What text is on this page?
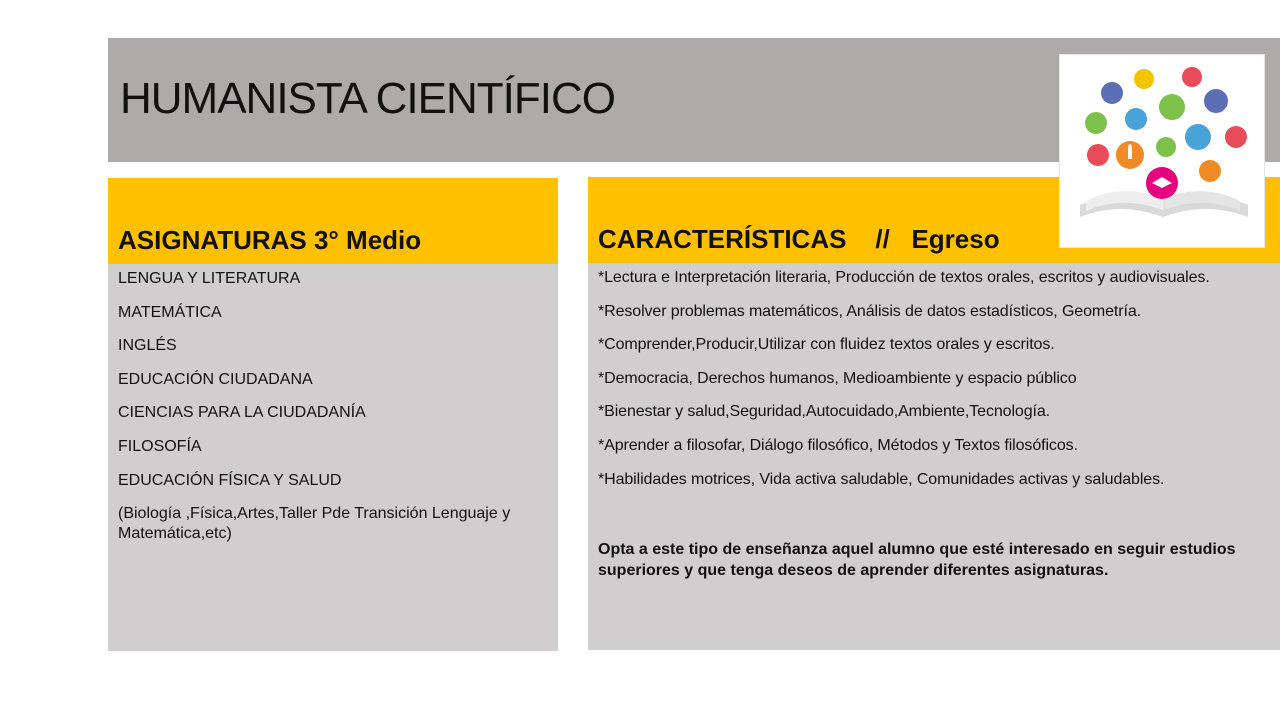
HUMANISTA CIENTÍFICO
ASIGNATURAS 3° Medio
LENGUA Y LITERATURA
MATEMÁTICA
INGLÉS
EDUCACIÓN CIUDADANA
CIENCIAS PARA LA CIUDADANÍA
FILOSOFÍA
EDUCACIÓN FÍSICA Y SALUD
(Biología ,Física,Artes,Taller Pde Transición Lenguaje y Matemática,etc)
CARACTERÍSTICAS    //   Egreso
*Lectura e Interpretación literaria, Producción de textos orales, escritos y audiovisuales.
*Resolver problemas matemáticos, Análisis de datos estadísticos, Geometría.
*Comprender,Producir,Utilizar con fluidez textos orales y escritos.
*Democracia, Derechos humanos, Medioambiente y espacio público
*Bienestar y salud,Seguridad,Autocuidado,Ambiente,Tecnología.
*Aprender a filosofar, Diálogo filosófico, Métodos y Textos filosóficos.
*Habilidades motrices, Vida activa saludable, Comunidades activas y saludables.
Opta a este tipo de enseñanza aquel alumno que esté interesado en seguir estudios superiores y que tenga deseos de aprender diferentes asignaturas.
